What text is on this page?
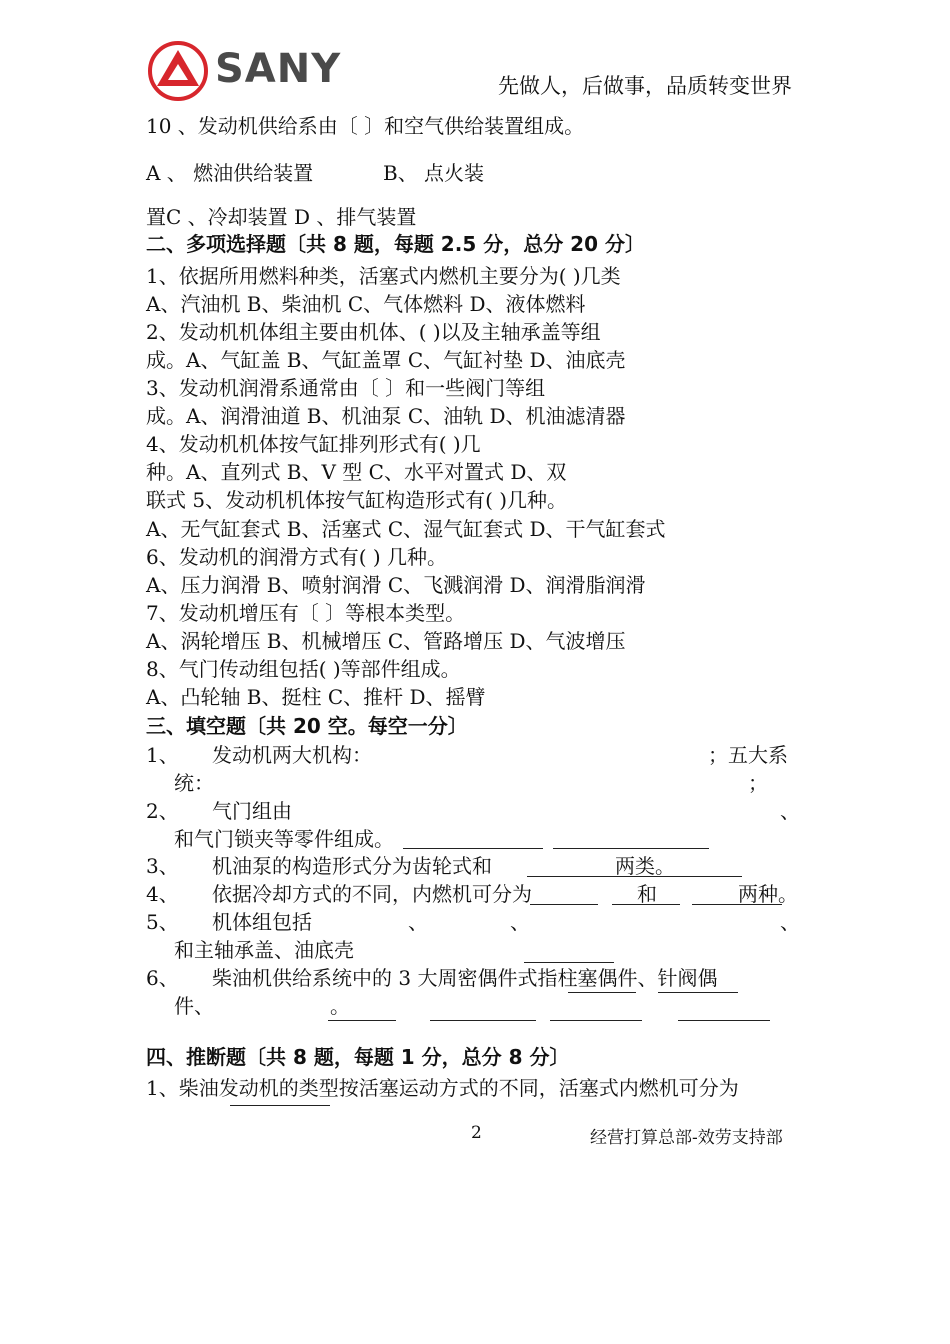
SANY	先做人，后做事，品质转变世界
10 、发动机供给系由〔 〕和空气供给装置组成。
A 、 燃油供给装置	B、 点火装
置C 、冷却装置 D 、排气装置
二、多项选择题〔共 8 题，每题 2.5 分，总分 20 分〕
1、依据所用燃料种类，活塞式内燃机主要分为( )几类
A、汽油机 B、柴油机 C、气体燃料 D、液体燃料
2、发动机机体组主要由机体、( )以及主轴承盖等组
成。A、气缸盖 B、气缸盖罩 C、气缸衬垫 D、油底壳
3、发动机润滑系通常由〔 〕和一些阀门等组
成。A、润滑油道 B、机油泵 C、油轨 D、机油滤清器
4、发动机机体按气缸排列形式有( )几
种。A、直列式 B、V 型 C、水平对置式 D、双
联式 5、发动机机体按气缸构造形式有( )几种。
A、无气缸套式 B、活塞式 C、湿气缸套式 D、干气缸套式
6、发动机的润滑方式有( ) 几种。
A、压力润滑 B、喷射润滑 C、飞溅润滑 D、润滑脂润滑
7、发动机增压有〔 〕等根本类型。
A、涡轮增压 B、机械增压 C、管路增压 D、气波增压
8、气门传动组包括( )等部件组成。
A、凸轮轴 B、挺柱 C、推杆 D、摇臂
三、填空题〔共 20 空。每空一分〕
1、 发动机两大机构：	；五大系
统：	；
2、 气门组由	、
和气门锁夹等零件组成。
3、 机油泵的构造形式分为齿轮式和	两类。
4、 依据冷却方式的不同，内燃机可分为	和	两种。
5、 机体组包括	、	、	、
和主轴承盖、油底壳
6、 柴油机供给系统中的 3 大周密偶件式指柱塞偶件、针阀偶
件、	。
四、推断题〔共 8 题，每题 1 分，总分 8 分〕
1、柴油发动机的类型按活塞运动方式的不同，活塞式内燃机可分为
2	经营打算总部-效劳支持部
